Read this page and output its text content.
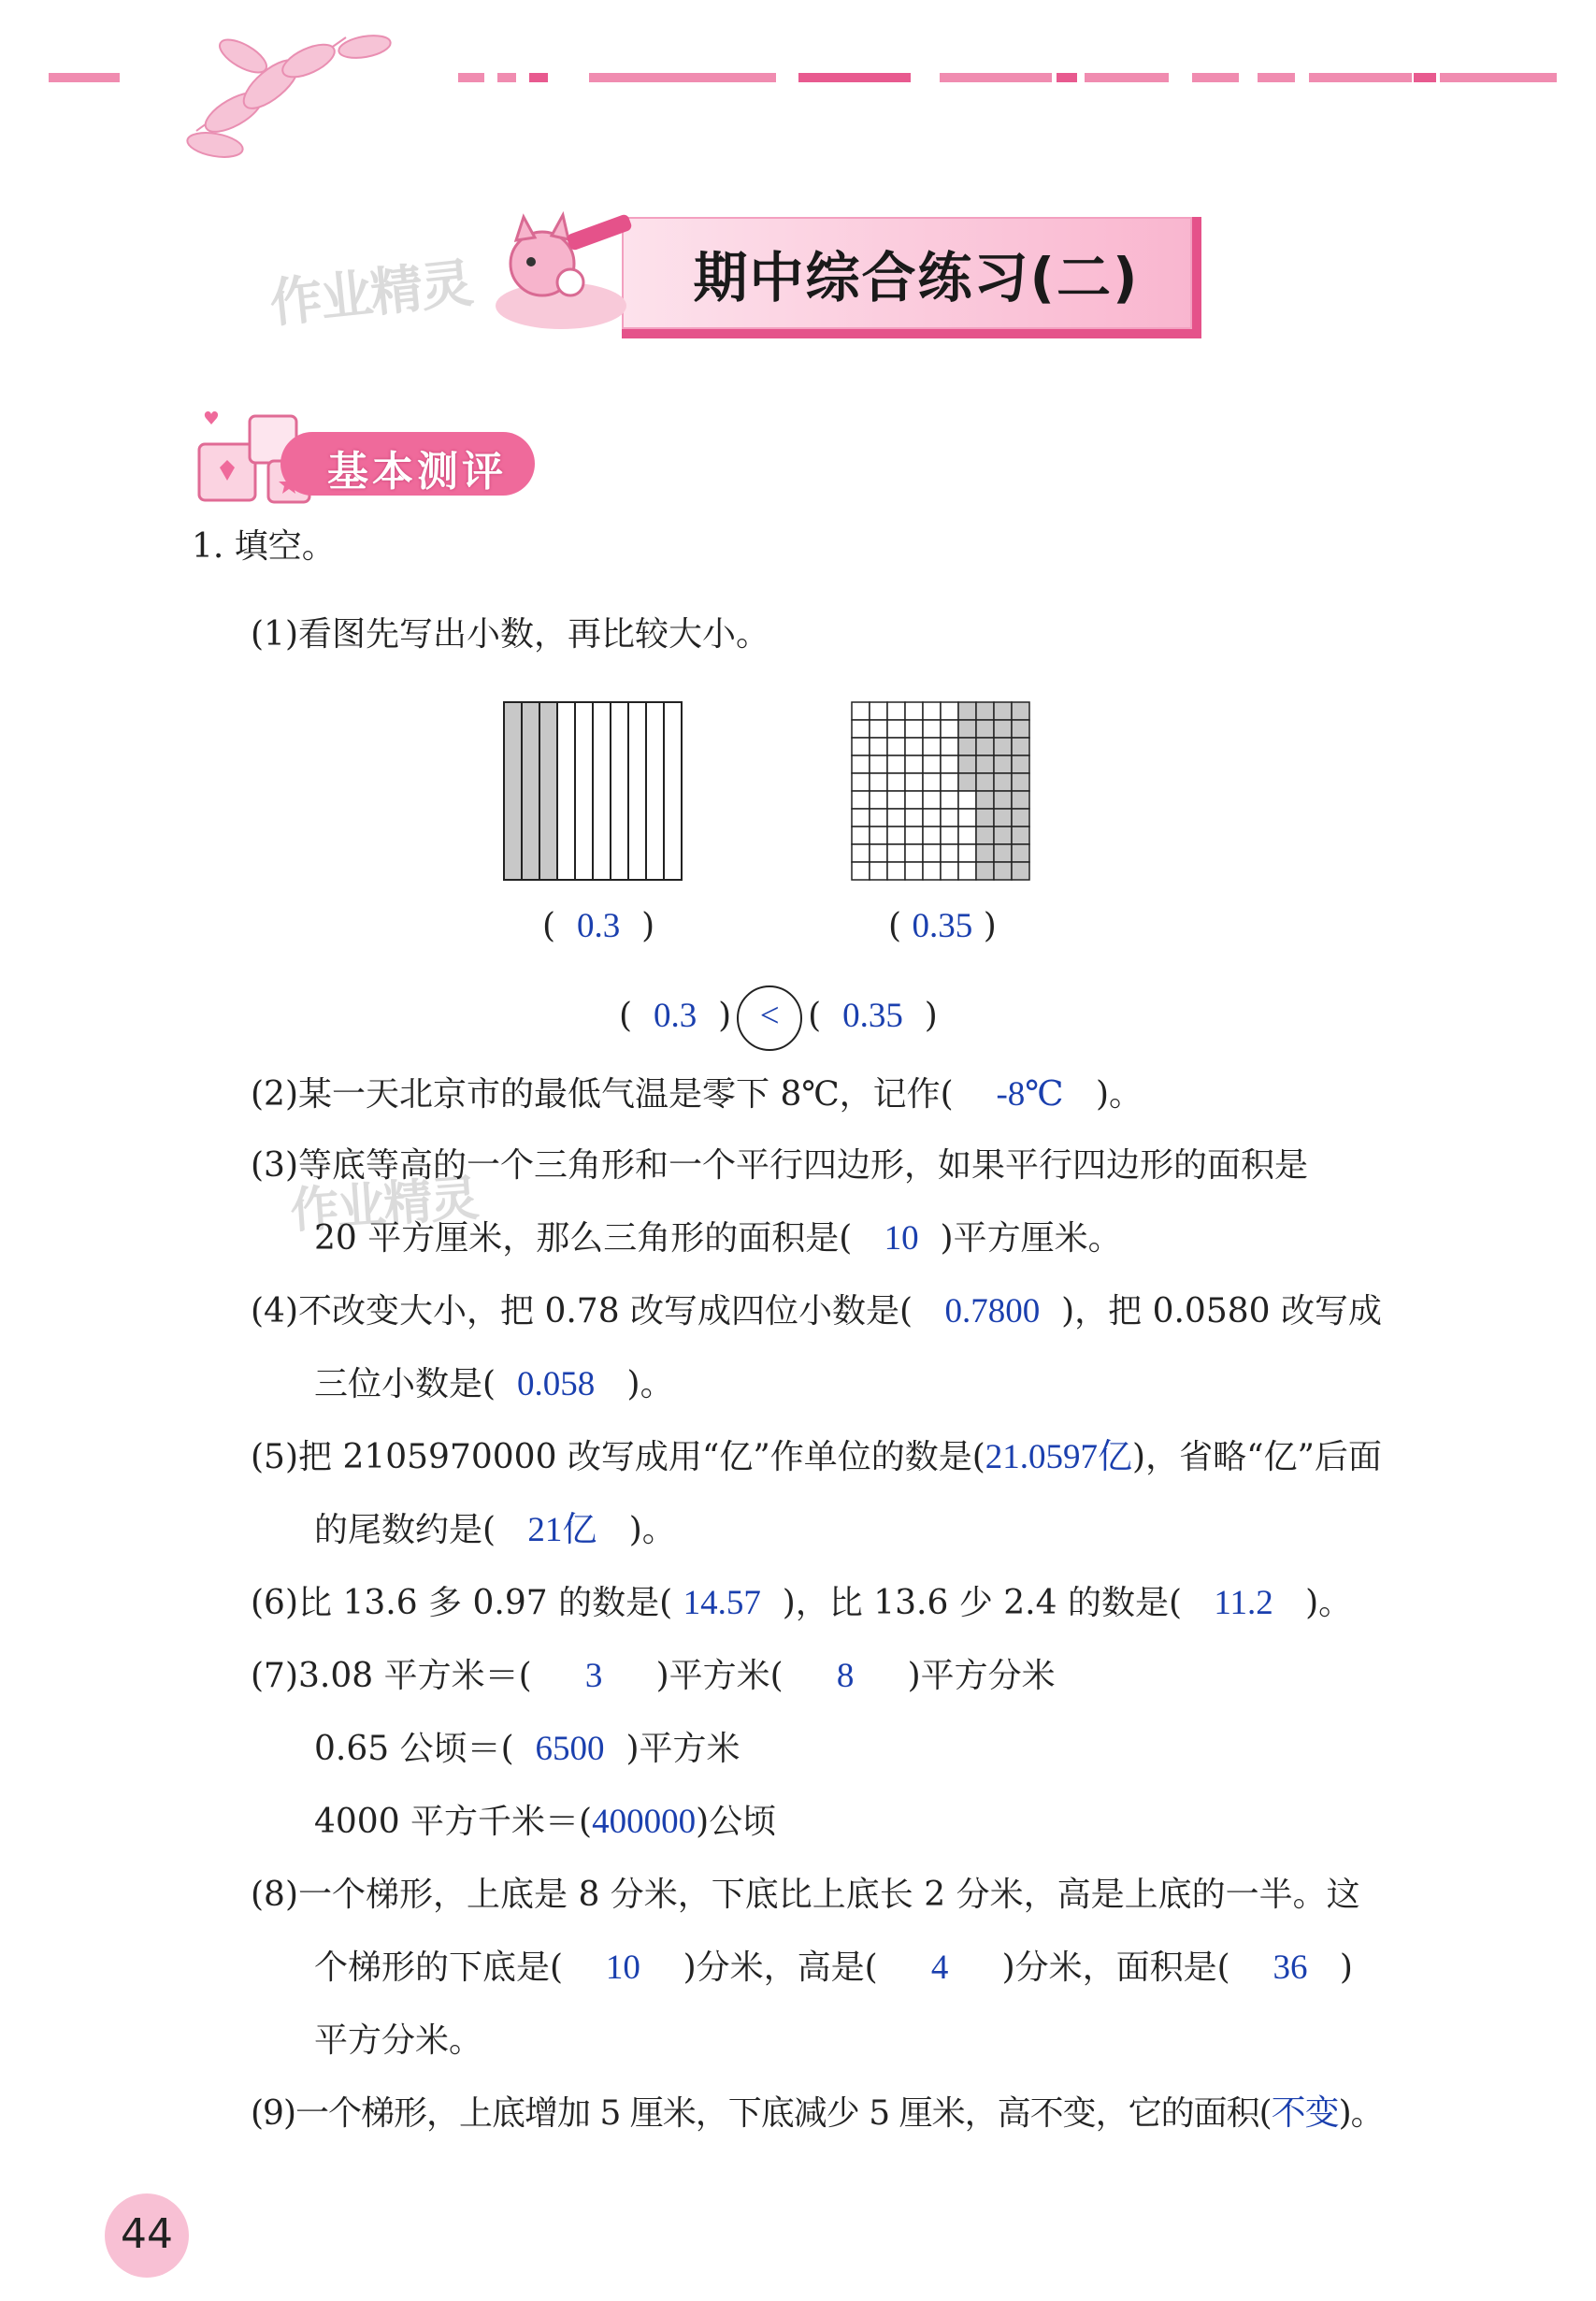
作业精灵	期中综合练习(二)
基本测评
1. 填空。
(1)看图先写出小数，再比较大小。
(  0.3  )	( 0.35 )
(  0.3  ) < (  0.35  )
(2)某一天北京市的最低气温是零下 8℃，记作( -8℃ )。
作业精灵
(3)等底等高的一个三角形和一个平行四边形，如果平行四边形的面积是
20 平方厘米，那么三角形的面积是( 10 )平方厘米。
(4)不改变大小，把 0.78 改写成四位小数是( 0.7800 )，把 0.0580 改写成
三位小数是( 0.058 )。
(5)把 2105970000 改写成用“亿”作单位的数是(21.0597亿)，省略“亿”后面
的尾数约是( 21亿 )。
(6)比 13.6 多 0.97 的数是( 14.57 )，比 13.6 少 2.4 的数是( 11.2 )。
(7)3.08 平方米＝( 3 )平方米( 8 )平方分米
0.65 公顷＝( 6500 )平方米
4000 平方千米＝(400000)公顷
(8)一个梯形，上底是 8 分米，下底比上底长 2 分米，高是上底的一半。这
个梯形的下底是( 10 )分米，高是( 4 )分米，面积是( 36 )
平方分米。
(9)一个梯形，上底增加 5 厘米，下底减少 5 厘米，高不变，它的面积(不变)。
44
